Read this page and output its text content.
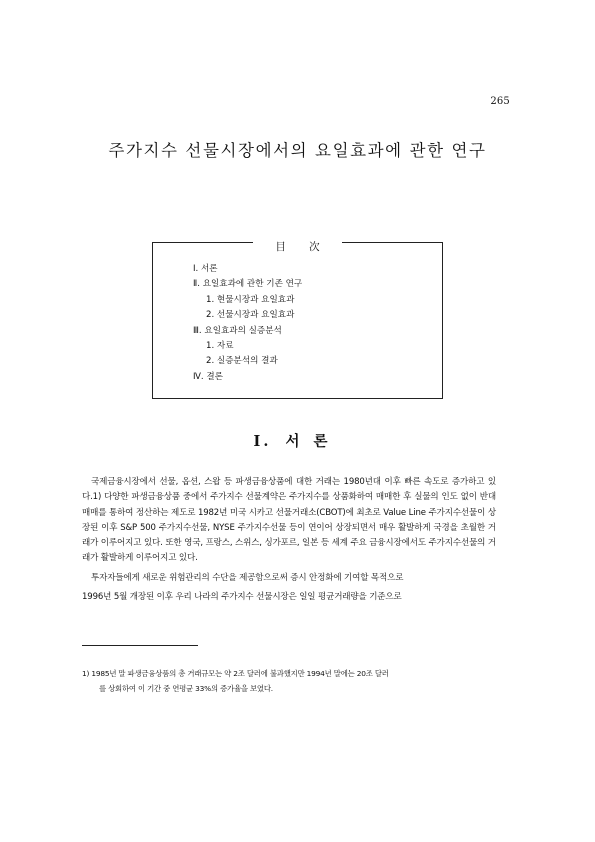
265
주가지수 선물시장에서의 요일효과에 관한 연구
目 次
Ⅰ. 서론
Ⅱ. 요일효과에 관한 기존 연구
1. 현물시장과 요일효과
2. 선물시장과 요일효과
Ⅲ. 요일효과의 실증분석
1. 자료
2. 실증분석의 결과
Ⅳ. 결론
Ⅰ. 서론

국제금융시장에서 선물, 옵션, 스왑 등 파생금융상품에 대한 거래는 1980년대 이후 빠른 속도로 증가하고 있다.1) 다양한 파생금융상품 중에서 주가지수 선물계약은 주가지수를 상품화하여 매매한 후 실물의 인도 없이 반대매매를 통하여 정산하는 제도로 1982년 미국 시카고 선물거래소(CBOT)에 최초로 Value Line 주가지수선물이 상장된 이후 S&P 500 주가지수선물, NYSE 주가지수선물 등이 연이어 상장되면서 매우 활발하게 국경을 초월한 거래가 이루어지고 있다. 또한 영국, 프랑스, 스위스, 싱가포르, 일본 등 세계 주요 금융시장에서도 주가지수선물의 거래가 활발하게 이루어지고 있다.

투자자들에게 새로운 위험관리의 수단을 제공함으로써 증시 안정화에 기여할 목적으로

1996년 5월 개장된 이후 우리 나라의 주가지수 선물시장은 일일 평균거래량을 기준으로

1) 1985년 말 파생금융상품의 총 거래규모는 약 2조 달러에 불과했지만 1994년 말에는 20조 달러
를 상회하여 이 기간 중 연평균 33%의 증가율을 보였다.
